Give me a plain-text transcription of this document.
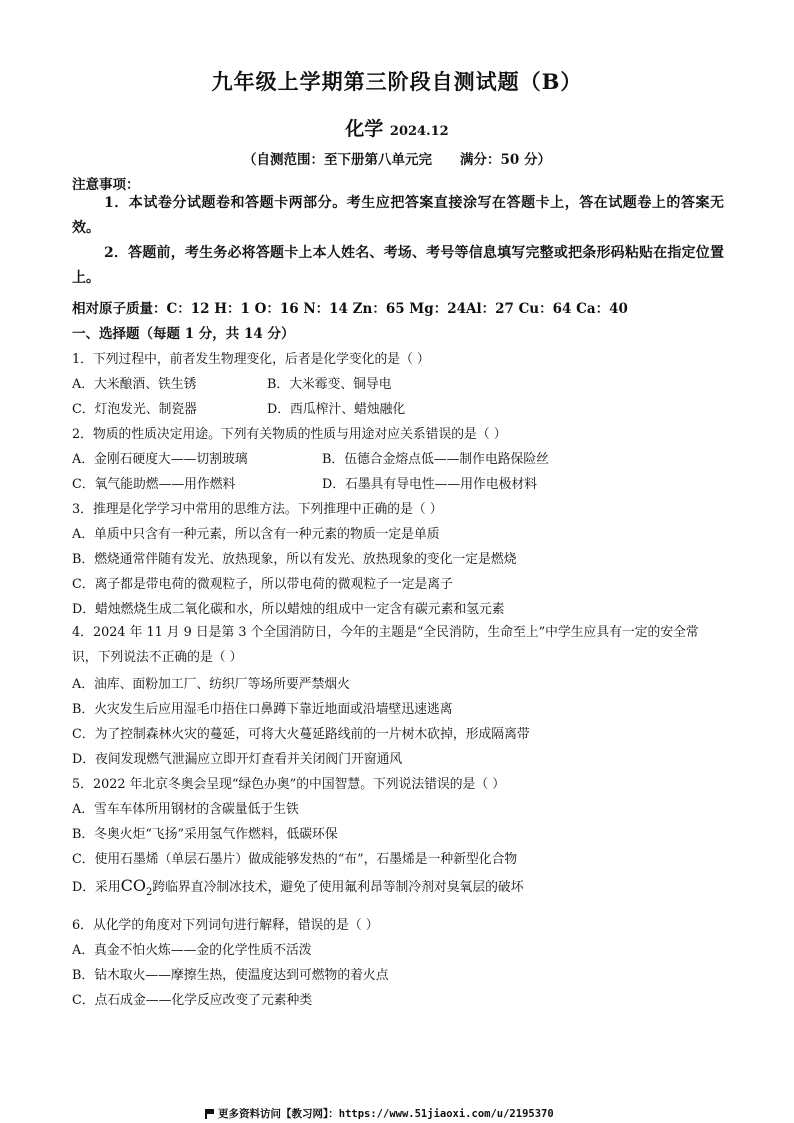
九年级上学期第三阶段自测试题（B）
化学 2024.12
（自测范围：至下册第八单元完 满分：50 分）
注意事项：
1．本试卷分试题卷和答题卡两部分。考生应把答案直接涂写在答题卡上，答在试题卷上的答案无效。
2．答题前，考生务必将答题卡上本人姓名、考场、考号等信息填写完整或把条形码粘贴在指定位置上。
相对原子质量：C：12 H：1 O：16 N：14 Zn：65 Mg：24Al：27 Cu：64 Ca：40
一、选择题（每题 1 分，共 14 分）
1．下列过程中，前者发生物理变化，后者是化学变化的是（ ）
A．大米酿酒、铁生锈	B．大米霉变、铜导电
C．灯泡发光、制瓷器	D．西瓜榨汁、蜡烛融化
2．物质的性质决定用途。下列有关物质的性质与用途对应关系错误的是（ ）
A．金刚石硬度大——切割玻璃	B．伍德合金熔点低——制作电路保险丝
C．氧气能助燃——用作燃料	D．石墨具有导电性——用作电极材料
3．推理是化学学习中常用的思维方法。下列推理中正确的是（ ）
A．单质中只含有一种元素，所以含有一种元素的物质一定是单质
B．燃烧通常伴随有发光、放热现象，所以有发光、放热现象的变化一定是燃烧
C．离子都是带电荷的微观粒子，所以带电荷的微观粒子一定是离子
D．蜡烛燃烧生成二氧化碳和水，所以蜡烛的组成中一定含有碳元素和氢元素
4．2024 年 11 月 9 日是第 3 个全国消防日，今年的主题是“全民消防，生命至上”中学生应具有一定的安全常识，下列说法不正确的是（ ）
A．油库、面粉加工厂、纺织厂等场所要严禁烟火
B．火灾发生后应用湿毛巾捂住口鼻蹲下靠近地面或沿墙壁迅速逃离
C．为了控制森林火灾的蔓延，可将大火蔓延路线前的一片树木砍掉，形成隔离带
D．夜间发现燃气泄漏应立即开灯查看并关闭阀门开窗通风
5．2022 年北京冬奥会呈现“绿色办奥”的中国智慧。下列说法错误的是（ ）
A．雪车车体所用钢材的含碳量低于生铁
B．冬奥火炬“飞扬”采用氢气作燃料，低碳环保
C．使用石墨烯（单层石墨片）做成能够发热的“布”，石墨烯是一种新型化合物
D．采用$CO_2$跨临界直冷制冰技术，避免了使用氟利昂等制冷剂对臭氧层的破坏
6．从化学的角度对下列词句进行解释，错误的是（ ）
A．真金不怕火炼——金的化学性质不活泼
B．钻木取火——摩擦生热，使温度达到可燃物的着火点
C．点石成金——化学反应改变了元素种类
更多资料访问【教习网】：https://www.51jiaoxi.com/u/2195370
